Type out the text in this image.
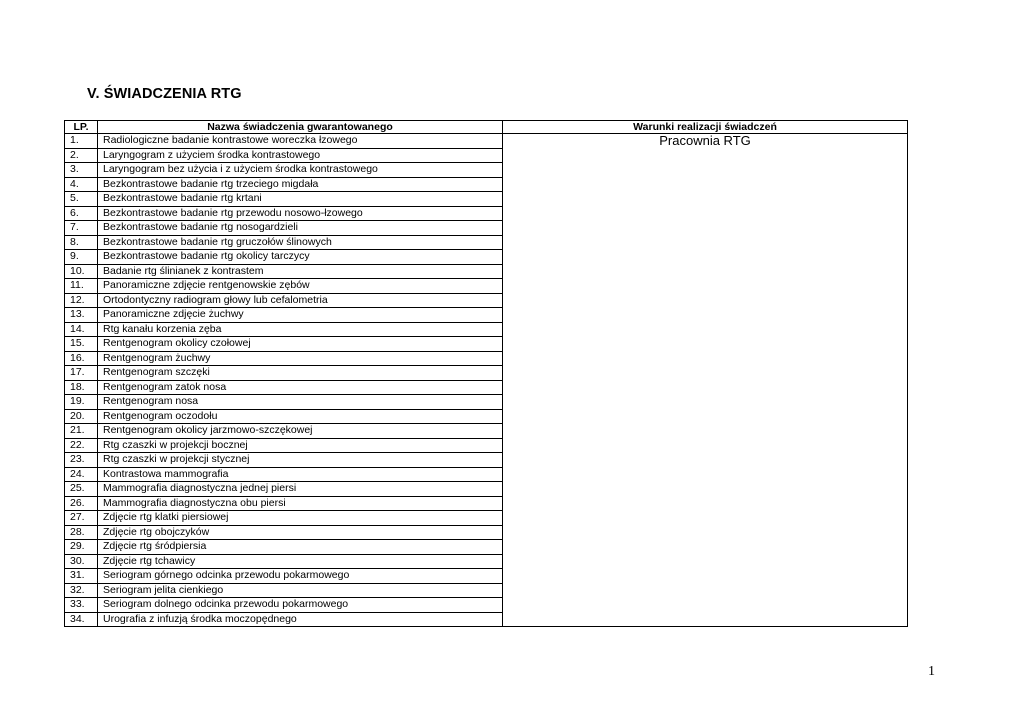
V. ŚWIADCZENIA RTG
LP.	Nazwa świadczenia gwarantowanego	Warunki realizacji świadczeń
1.	Radiologiczne badanie kontrastowe woreczka łzowego	Pracownia RTG
2.	Laryngogram z użyciem środka kontrastowego	
3.	Laryngogram bez użycia i z użyciem środka kontrastowego	
4.	Bezkontrastowe badanie rtg trzeciego migdała	
5.	Bezkontrastowe badanie rtg krtani	
6.	Bezkontrastowe badanie rtg przewodu nosowo-łzowego	
7.	Bezkontrastowe badanie rtg nosogardzieli	
8.	Bezkontrastowe badanie rtg gruczołów ślinowych	
9.	Bezkontrastowe badanie rtg okolicy tarczycy	
10.	Badanie rtg ślinianek z kontrastem	
11.	Panoramiczne zdjęcie rentgenowskie zębów	
12.	Ortodontyczny radiogram głowy lub cefalometria	
13.	Panoramiczne zdjęcie żuchwy	
14.	Rtg kanału korzenia zęba	
15.	Rentgenogram okolicy czołowej	
16.	Rentgenogram żuchwy	
17.	Rentgenogram szczęki	
18.	Rentgenogram zatok nosa	
19.	Rentgenogram nosa	
20.	Rentgenogram oczodołu	
21.	Rentgenogram okolicy jarzmowo-szczękowej	
22.	Rtg czaszki w projekcji bocznej	
23.	Rtg czaszki w projekcji stycznej	
24.	Kontrastowa mammografia	
25.	Mammografia diagnostyczna jednej piersi	
26.	Mammografia diagnostyczna obu piersi	
27.	Zdjęcie rtg klatki piersiowej	
28.	Zdjęcie rtg obojczyków	
29.	Zdjęcie rtg śródpiersia	
30.	Zdjęcie rtg tchawicy	
31.	Seriogram górnego odcinka przewodu pokarmowego	
32.	Seriogram jelita cienkiego	
33.	Seriogram dolnego odcinka przewodu pokarmowego	
34.	Urografia z infuzją środka moczopędnego	
1
